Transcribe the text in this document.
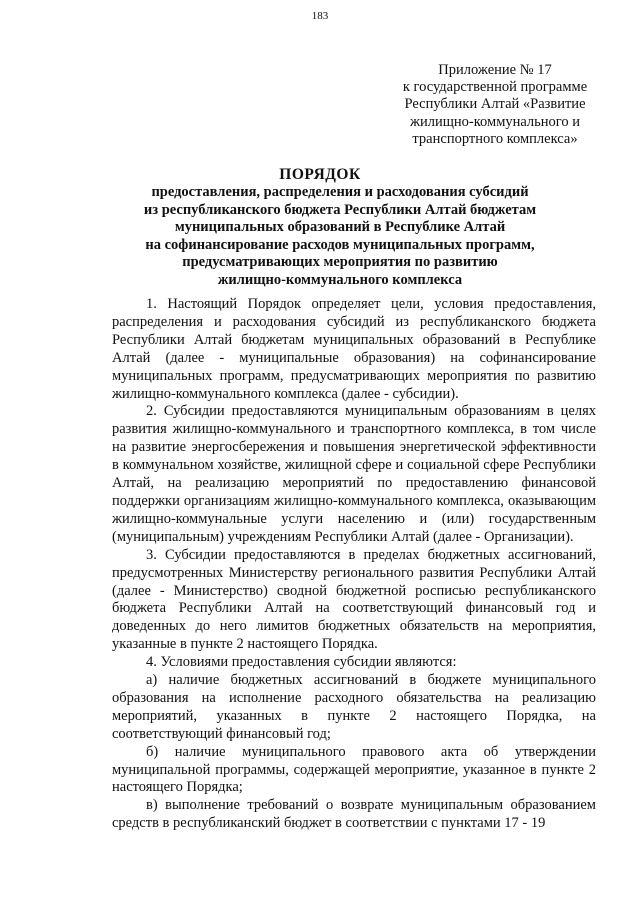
183
Приложение № 17
к государственной программе
Республики Алтай «Развитие
жилищно-коммунального и
транспортного комплекса»
ПОРЯДОК
предоставления, распределения и расходования субсидий
из республиканского бюджета Республики Алтай бюджетам
муниципальных образований в Республике Алтай
на софинансирование расходов муниципальных программ,
предусматривающих мероприятия по развитию
жилищно-коммунального комплекса

1. Настоящий Порядок определяет цели, условия предоставления, распределения и расходования субсидий из республиканского бюджета Республики Алтай бюджетам муниципальных образований в Республике Алтай (далее - муниципальные образования) на софинансирование муниципальных программ, предусматривающих мероприятия по развитию жилищно-коммунального комплекса (далее - субсидии).

2. Субсидии предоставляются муниципальным образованиям в целях развития жилищно-коммунального и транспортного комплекса, в том числе на развитие энергосбережения и повышения энергетической эффективности в коммунальном хозяйстве, жилищной сфере и социальной сфере Республики Алтай, на реализацию мероприятий по предоставлению финансовой поддержки организациям жилищно-коммунального комплекса, оказывающим жилищно-коммунальные услуги населению и (или) государственным (муниципальным) учреждениям Республики Алтай (далее - Организации).

3. Субсидии предоставляются в пределах бюджетных ассигнований, предусмотренных Министерству регионального развития Республики Алтай (далее - Министерство) сводной бюджетной росписью республиканского бюджета Республики Алтай на соответствующий финансовый год и доведенных до него лимитов бюджетных обязательств на мероприятия, указанные в пункте 2 настоящего Порядка.

4. Условиями предоставления субсидии являются:

а) наличие бюджетных ассигнований в бюджете муниципального образования на исполнение расходного обязательства на реализацию мероприятий, указанных в пункте 2 настоящего Порядка, на соответствующий финансовый год;

б) наличие муниципального правового акта об утверждении муниципальной программы, содержащей мероприятие, указанное в пункте 2 настоящего Порядка;

в) выполнение требований о возврате муниципальным образованием средств в республиканский бюджет в соответствии с пунктами 17 - 19
